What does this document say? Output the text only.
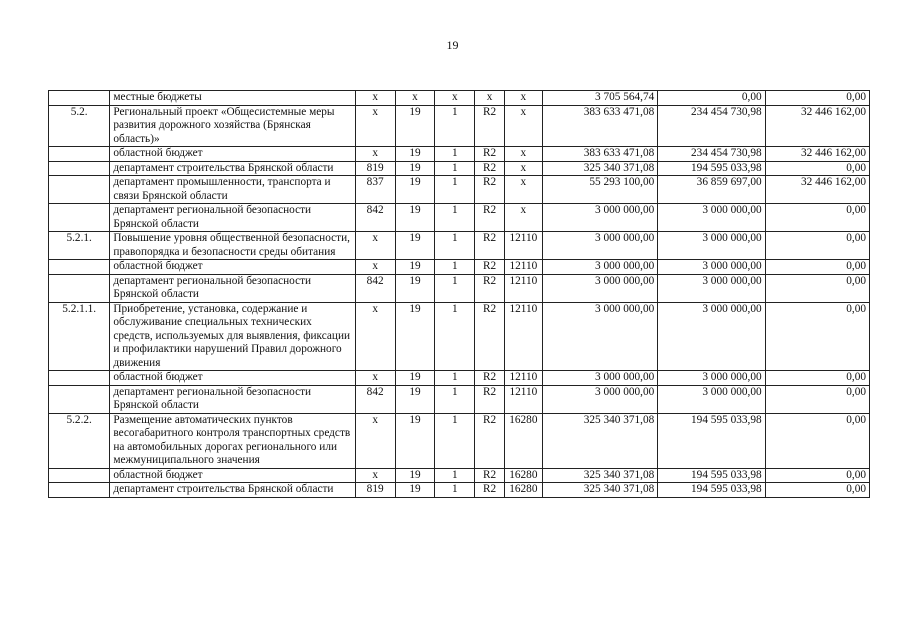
19
	местные бюджеты	х	х	х	х	х	3 705 564,74	0,00	0,00
5.2.	Региональный проект «Общесистемные меры развития дорожного хозяйства (Брянская область)»	х	19	1	R2	х	383 633 471,08	234 454 730,98	32 446 162,00
	областной бюджет	х	19	1	R2	х	383 633 471,08	234 454 730,98	32 446 162,00
	департамент строительства Брянской области	819	19	1	R2	х	325 340 371,08	194 595 033,98	0,00
	департамент промышленности, транспорта и связи Брянской области	837	19	1	R2	х	55 293 100,00	36 859 697,00	32 446 162,00
	департамент региональной безопасности Брянской области	842	19	1	R2	х	3 000 000,00	3 000 000,00	0,00
5.2.1.	Повышение уровня общественной безопасности, правопорядка и безопасности среды обитания	х	19	1	R2	12110	3 000 000,00	3 000 000,00	0,00
	областной бюджет	х	19	1	R2	12110	3 000 000,00	3 000 000,00	0,00
	департамент региональной безопасности Брянской области	842	19	1	R2	12110	3 000 000,00	3 000 000,00	0,00
5.2.1.1.	Приобретение, установка, содержание и обслуживание специальных технических средств, используемых для выявления, фиксации и профилактики нарушений Правил дорожного движения	х	19	1	R2	12110	3 000 000,00	3 000 000,00	0,00
	областной бюджет	х	19	1	R2	12110	3 000 000,00	3 000 000,00	0,00
	департамент региональной безопасности Брянской области	842	19	1	R2	12110	3 000 000,00	3 000 000,00	0,00
5.2.2.	Размещение автоматических пунктов весогабаритного контроля транспортных средств на автомобильных дорогах регионального или межмуниципального значения	х	19	1	R2	16280	325 340 371,08	194 595 033,98	0,00
	областной бюджет	х	19	1	R2	16280	325 340 371,08	194 595 033,98	0,00
	департамент строительства Брянской области	819	19	1	R2	16280	325 340 371,08	194 595 033,98	0,00
